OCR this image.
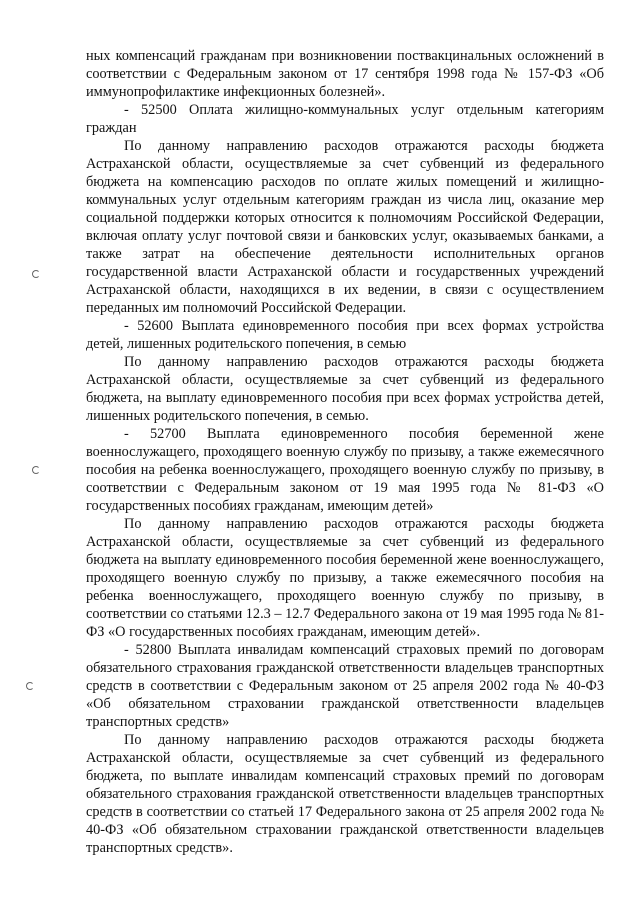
ных компенсаций гражданам при возникновении поствакцинальных осложнений в соответствии с Федеральным законом от 17 сентября 1998 года № 157-ФЗ «Об иммунопрофилактике инфекционных болезней».

- 52500 Оплата жилищно-коммунальных услуг отдельным категориям граждан

По данному направлению расходов отражаются расходы бюджета Астраханской области, осуществляемые за счет субвенций из федерального бюджета на компенсацию расходов по оплате жилых помещений и жилищно-коммунальных услуг отдельным категориям граждан из числа лиц, оказание мер социальной поддержки которых относится к полномочиям Российской Федерации, включая оплату услуг почтовой связи и банковских услуг, оказываемых банками, а также затрат на обеспечение деятельности исполнительных органов государственной власти Астраханской области и государственных учреждений Астраханской области, находящихся в их ведении, в связи с осуществлением переданных им полномочий Российской Федерации.

- 52600 Выплата единовременного пособия при всех формах устройства детей, лишенных родительского попечения, в семью

По данному направлению расходов отражаются расходы бюджета Астраханской области, осуществляемые за счет субвенций из федерального бюджета, на выплату единовременного пособия при всех формах устройства детей, лишенных родительского попечения, в семью.

- 52700 Выплата единовременного пособия беременной жене военнослужащего, проходящего военную службу по призыву, а также ежемесячного пособия на ребенка военнослужащего, проходящего военную службу по призыву, в соответствии с Федеральным законом от 19 мая 1995 года № 81-ФЗ «О государственных пособиях гражданам, имеющим детей»

По данному направлению расходов отражаются расходы бюджета Астраханской области, осуществляемые за счет субвенций из федерального бюджета на выплату единовременного пособия беременной жене военнослужащего, проходящего военную службу по призыву, а также ежемесячного пособия на ребенка военнослужащего, проходящего военную службу по призыву, в соответствии со статьями 12.3 – 12.7 Федерального закона от 19 мая 1995 года № 81-ФЗ «О государственных пособиях гражданам, имеющим детей».

- 52800 Выплата инвалидам компенсаций страховых премий по договорам обязательного страхования гражданской ответственности владельцев транспортных средств в соответствии с Федеральным законом от 25 апреля 2002 года № 40-ФЗ «Об обязательном страховании гражданской ответственности владельцев транспортных средств»

По данному направлению расходов отражаются расходы бюджета Астраханской области, осуществляемые за счет субвенций из федерального бюджета, по выплате инвалидам компенсаций страховых премий по договорам обязательного страхования гражданской ответственности владельцев транспортных средств в соответствии со статьей 17 Федерального закона от 25 апреля 2002 года № 40-ФЗ «Об обязательном страховании гражданской ответственности владельцев транспортных средств».
